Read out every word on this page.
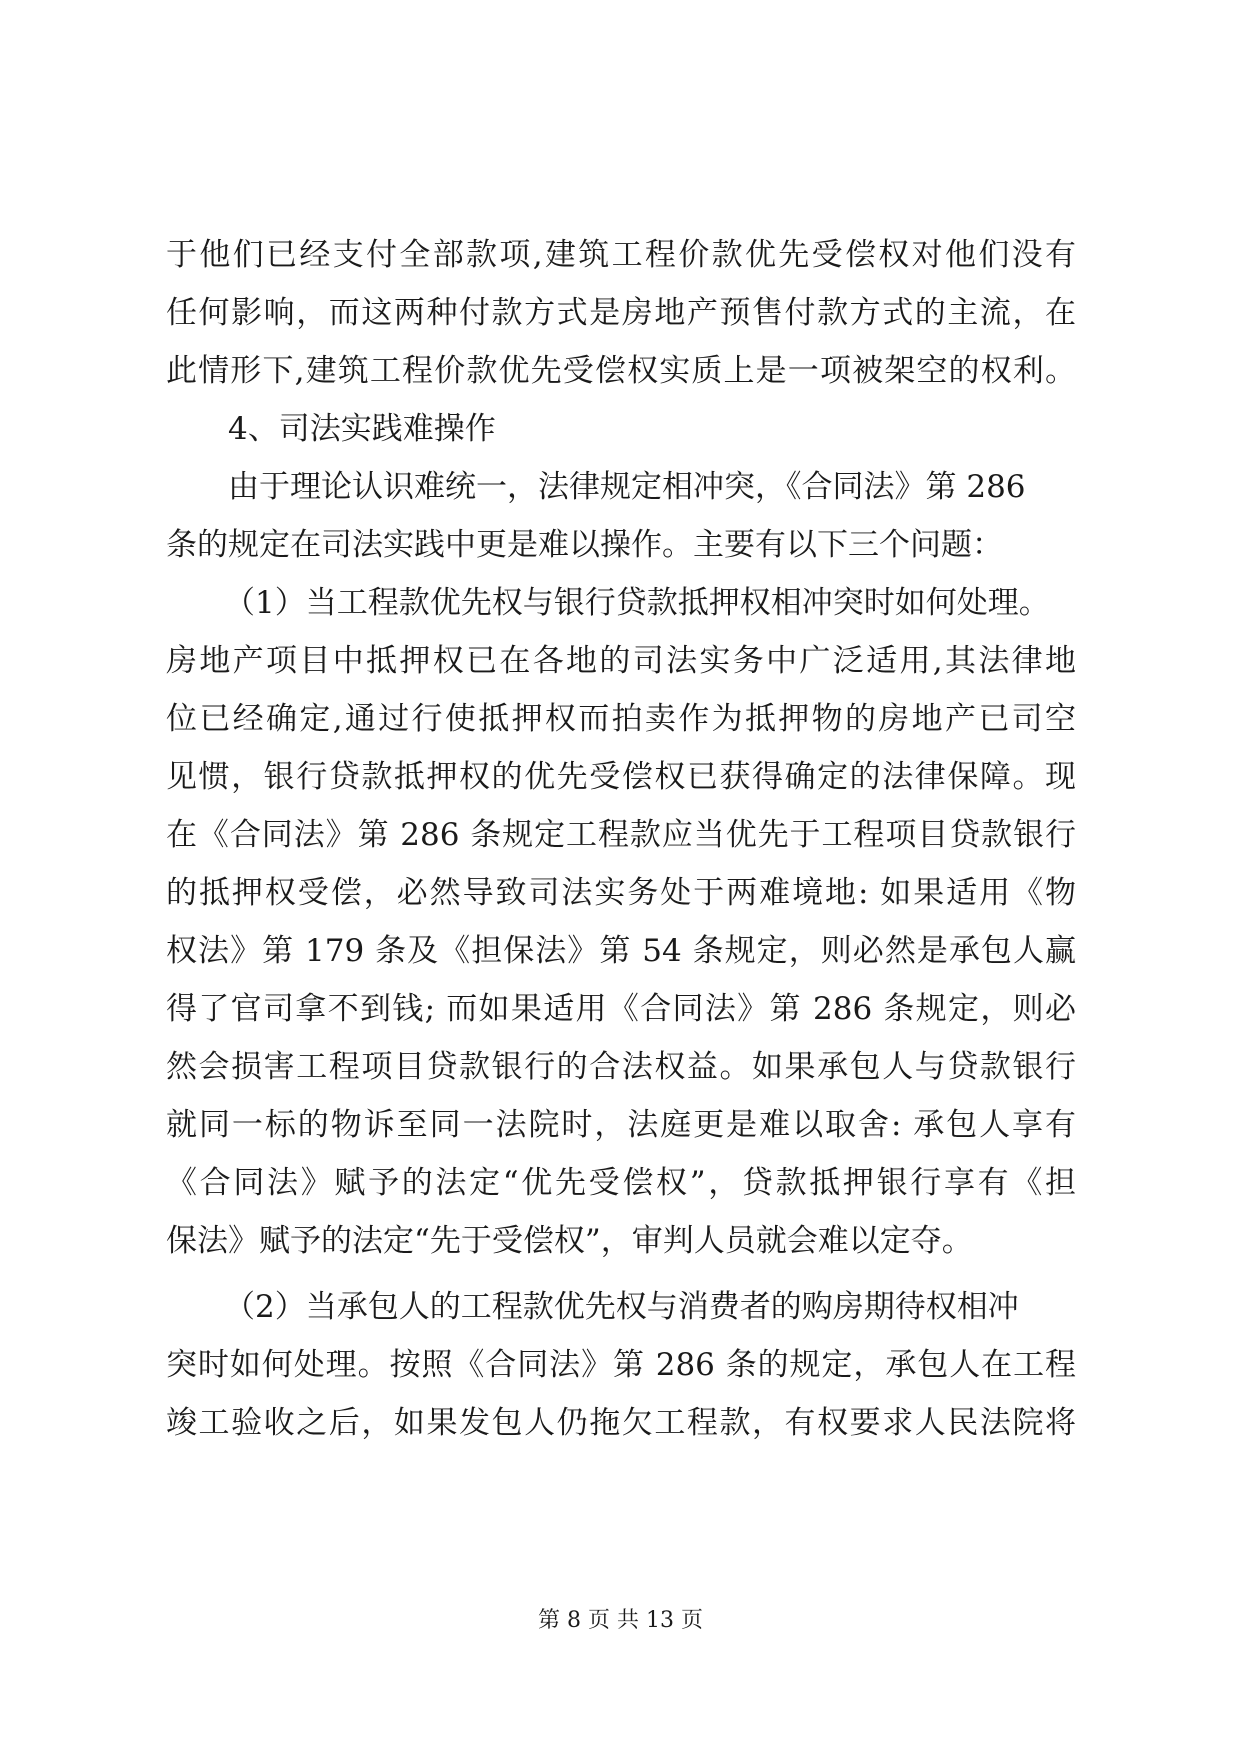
于他们已经支付全部款项,建筑工程价款优先受偿权对他们没有
任何影响，而这两种付款方式是房地产预售付款方式的主流，在
此情形下,建筑工程价款优先受偿权实质上是一项被架空的权利。
4、司法实践难操作
由于理论认识难统一，法律规定相冲突，《合同法》第 286
条的规定在司法实践中更是难以操作。主要有以下三个问题：
（1）当工程款优先权与银行贷款抵押权相冲突时如何处理。
房地产项目中抵押权已在各地的司法实务中广泛适用,其法律地
位已经确定,通过行使抵押权而拍卖作为抵押物的房地产已司空
见惯，银行贷款抵押权的优先受偿权已获得确定的法律保障。现
在《合同法》第 286 条规定工程款应当优先于工程项目贷款银行
的抵押权受偿，必然导致司法实务处于两难境地: 如果适用《物
权法》第 179 条及《担保法》第 54 条规定，则必然是承包人赢
得了官司拿不到钱; 而如果适用《合同法》第 286 条规定，则必
然会损害工程项目贷款银行的合法权益。如果承包人与贷款银行
就同一标的物诉至同一法院时，法庭更是难以取舍: 承包人享有
《合同法》赋予的法定“优先受偿权”，贷款抵押银行享有《担
保法》赋予的法定“先于受偿权”，审判人员就会难以定夺。
（2）当承包人的工程款优先权与消费者的购房期待权相冲
突时如何处理。按照《合同法》第 286 条的规定，承包人在工程
竣工验收之后，如果发包人仍拖欠工程款，有权要求人民法院将
第 8 页 共 13 页
